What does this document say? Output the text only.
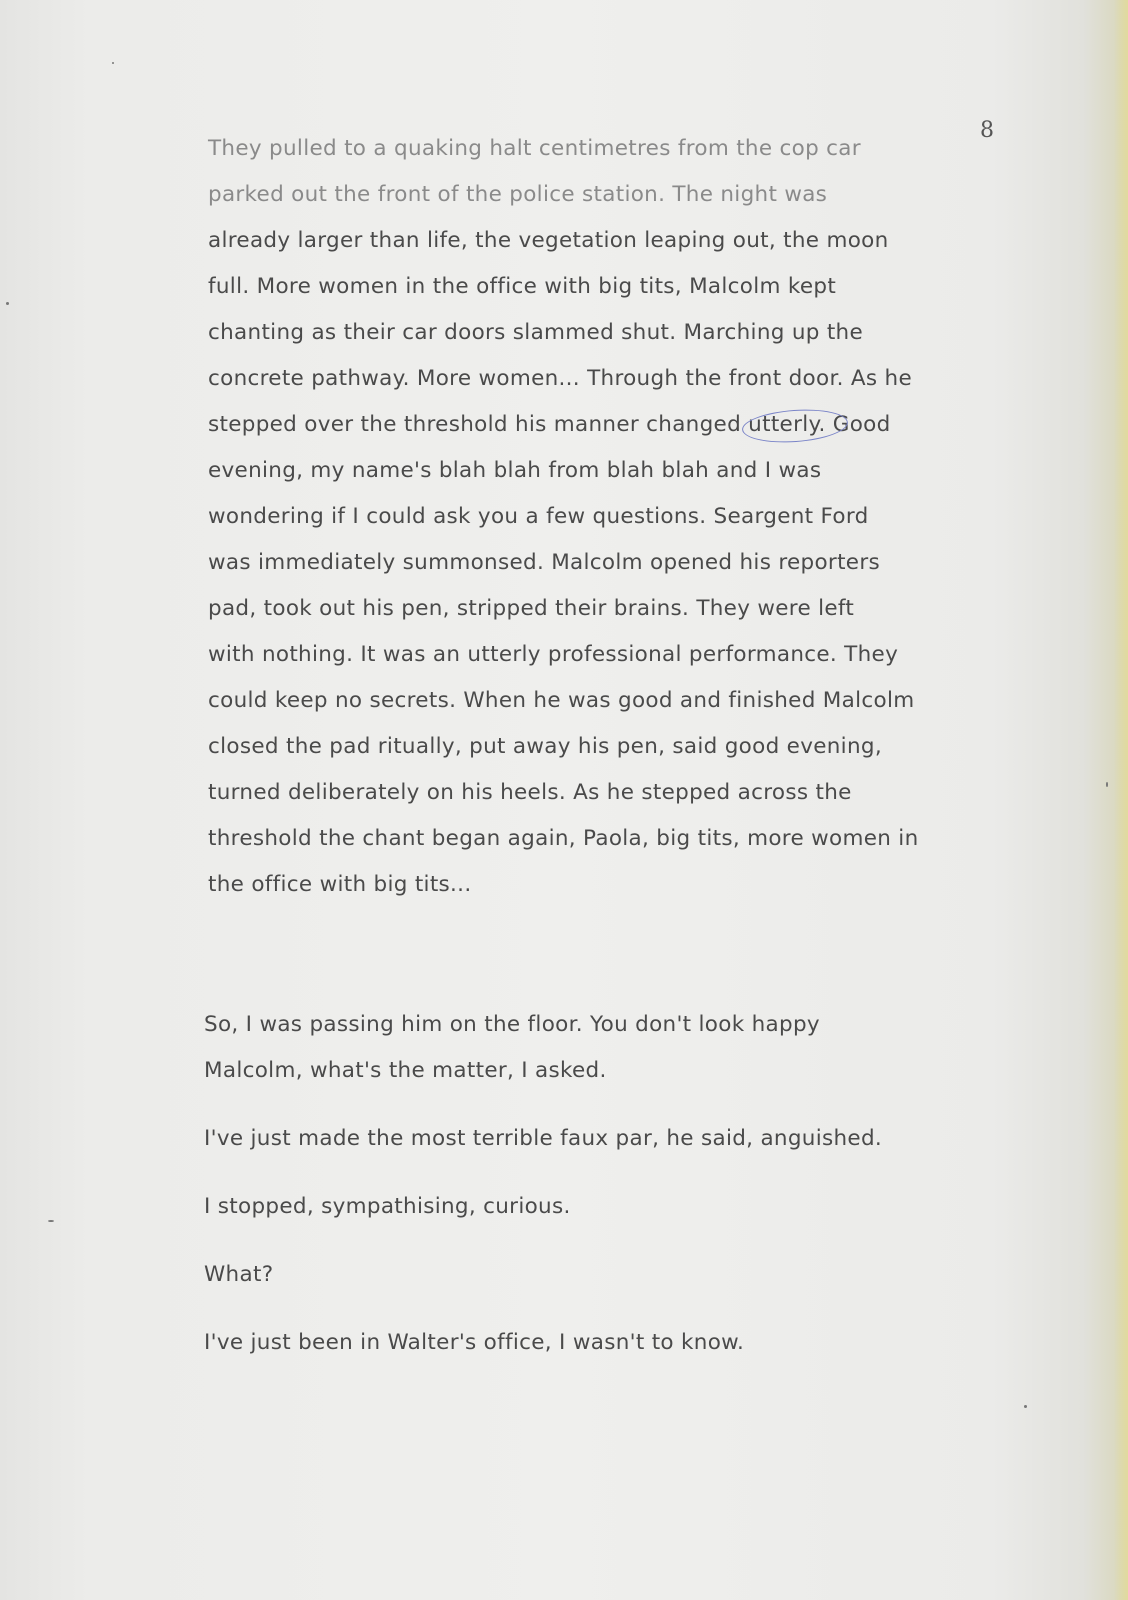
8
They pulled to a quaking halt centimetres from the cop car
parked out the front of the police station. The night was
already larger than life, the vegetation leaping out, the moon
full. More women in the office with big tits, Malcolm kept
chanting as their car doors slammed shut. Marching up the
concrete pathway. More women... Through the front door. As he
stepped over the threshold his manner changed utterly. Good
evening, my name's blah blah from blah blah and I was
wondering if I could ask you a few questions. Seargent Ford
was immediately summonsed. Malcolm opened his reporters
pad, took out his pen, stripped their brains. They were left
with nothing. It was an utterly professional performance. They
could keep no secrets. When he was good and finished Malcolm
closed the pad ritually, put away his pen, said good evening,
turned deliberately on his heels. As he stepped across the
threshold the chant began again, Paola, big tits, more women in
the office with big tits...
So, I was passing him on the floor. You don't look happy
Malcolm, what's the matter, I asked.
I've just made the most terrible faux par, he said, anguished.
I stopped, sympathising, curious.
What?
I've just been in Walter's office, I wasn't to know.
